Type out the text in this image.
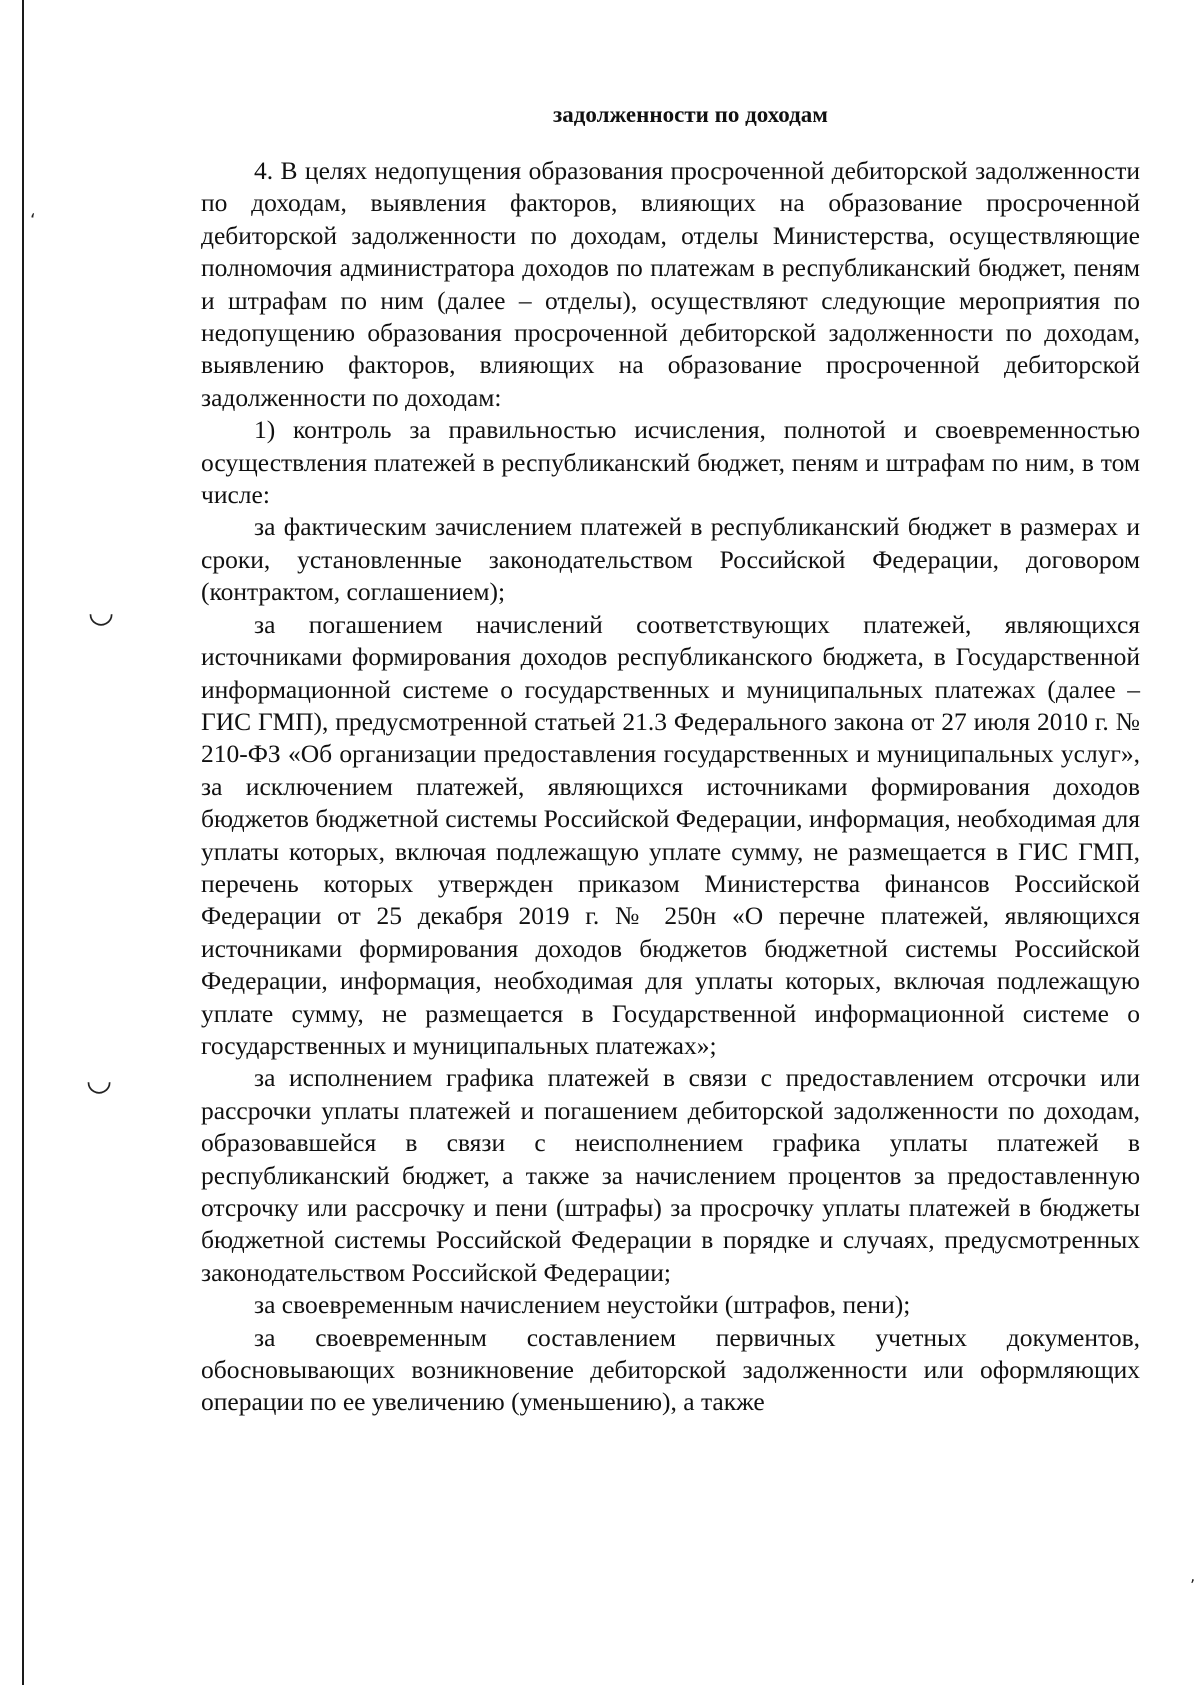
ʻ
◡
◡
ʼ

задолженности по доходам

4. В целях недопущения образования просроченной дебиторской задолженности по доходам, выявления факторов, влияющих на образование просроченной дебиторской задолженности по доходам, отделы Министерства, осуществляющие полномочия администратора доходов по платежам в республиканский бюджет, пеням и штрафам по ним (далее – отделы), осуществляют следующие мероприятия по недопущению образования просроченной дебиторской задолженности по доходам, выявлению факторов, влияющих на образование просроченной дебиторской задолженности по доходам:

1) контроль за правильностью исчисления, полнотой и своевременностью осуществления платежей в республиканский бюджет, пеням и штрафам по ним, в том числе:

за фактическим зачислением платежей в республиканский бюджет в размерах и сроки, установленные законодательством Российской Федерации, договором (контрактом, соглашением);

за погашением начислений соответствующих платежей, являющихся источниками формирования доходов республиканского бюджета, в Государственной информационной системе о государственных и муниципальных платежах (далее – ГИС ГМП), предусмотренной статьей 21.3 Федерального закона от 27 июля 2010 г. № 210-ФЗ «Об организации предоставления государственных и муниципальных услуг», за исключением платежей, являющихся источниками формирования доходов бюджетов бюджетной системы Российской Федерации, информация, необходимая для уплаты которых, включая подлежащую уплате сумму, не размещается в ГИС ГМП, перечень которых утвержден приказом Министерства финансов Российской Федерации от 25 декабря 2019 г. № 250н «О перечне платежей, являющихся источниками формирования доходов бюджетов бюджетной системы Российской Федерации, информация, необходимая для уплаты которых, включая подлежащую уплате сумму, не размещается в Государственной информационной системе о государственных и муниципальных платежах»;

за исполнением графика платежей в связи с предоставлением отсрочки или рассрочки уплаты платежей и погашением дебиторской задолженности по доходам, образовавшейся в связи с неисполнением графика уплаты платежей в республиканский бюджет, а также за начислением процентов за предоставленную отсрочку или рассрочку и пени (штрафы) за просрочку уплаты платежей в бюджеты бюджетной системы Российской Федерации в порядке и случаях, предусмотренных законодательством Российской Федерации;

за своевременным начислением неустойки (штрафов, пени);

за своевременным составлением первичных учетных документов, обосновывающих возникновение дебиторской задолженности или оформляющих операции по ее увеличению (уменьшению), а также
